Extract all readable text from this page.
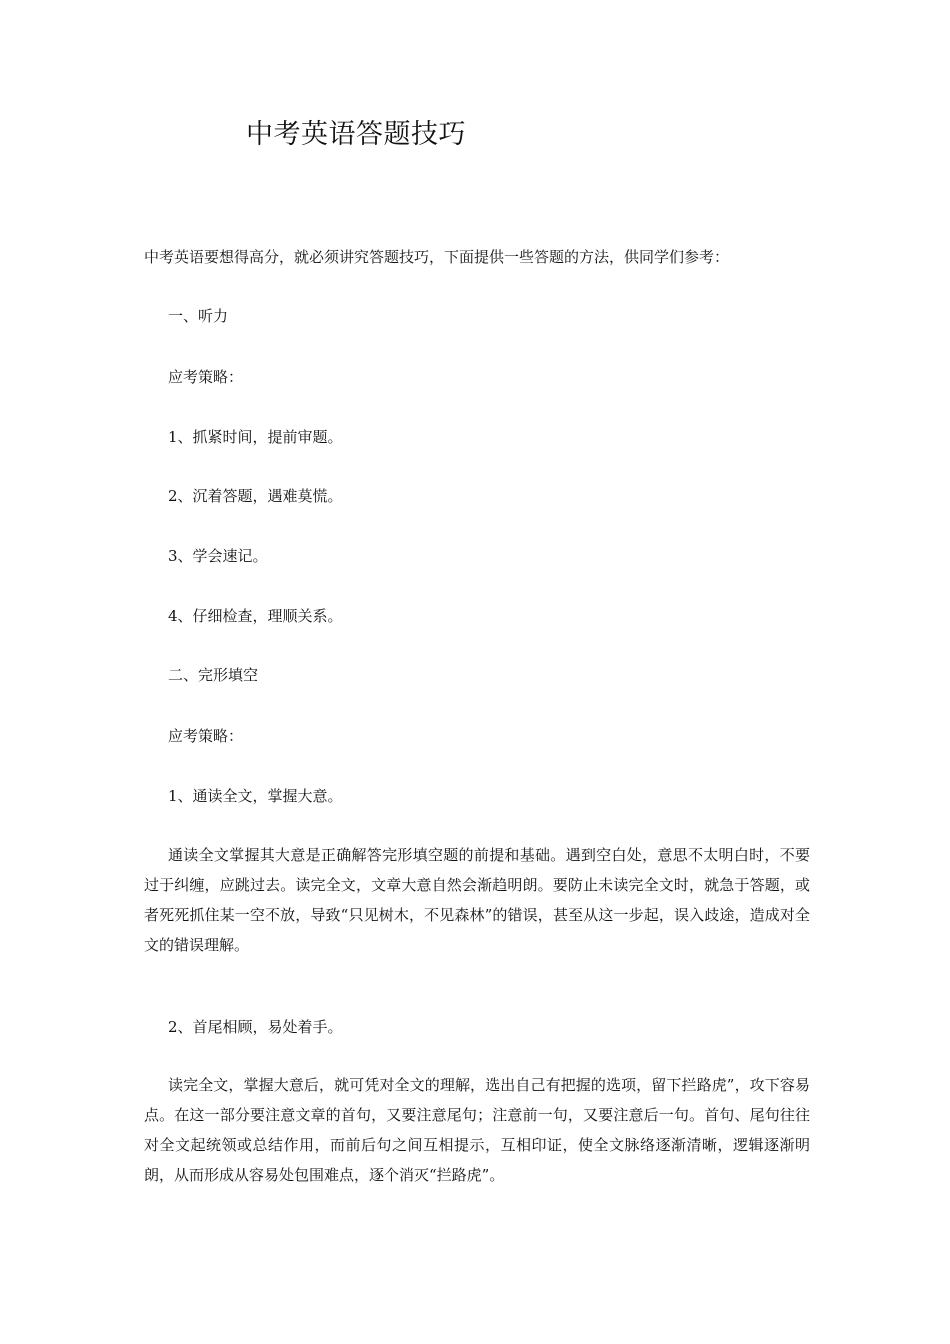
中考英语答题技巧
中考英语要想得高分，就必须讲究答题技巧，下面提供一些答题的方法，供同学们参考：
一、听力
应考策略：
1、抓紧时间，提前审题。
2、沉着答题，遇难莫慌。
3、学会速记。
4、仔细检查，理顺关系。
二、完形填空
应考策略：
1、通读全文，掌握大意。
通读全文掌握其大意是正确解答完形填空题的前提和基础。遇到空白处，意思不太明白时，不要过于纠缠，应跳过去。读完全文，文章大意自然会渐趋明朗。要防止未读完全文时，就急于答题，或者死死抓住某一空不放，导致“只见树木，不见森林”的错误，甚至从这一步起，误入歧途，造成对全文的错误理解。
2、首尾相顾，易处着手。
读完全文，掌握大意后，就可凭对全文的理解，选出自己有把握的选项，留下拦路虎”，攻下容易点。在这一部分要注意文章的首句，又要注意尾句；注意前一句，又要注意后一句。首句、尾句往往对全文起统领或总结作用，而前后句之间互相提示，互相印证，使全文脉络逐渐清晰，逻辑逐渐明朗，从而形成从容易处包围难点，逐个消灭“拦路虎”。
